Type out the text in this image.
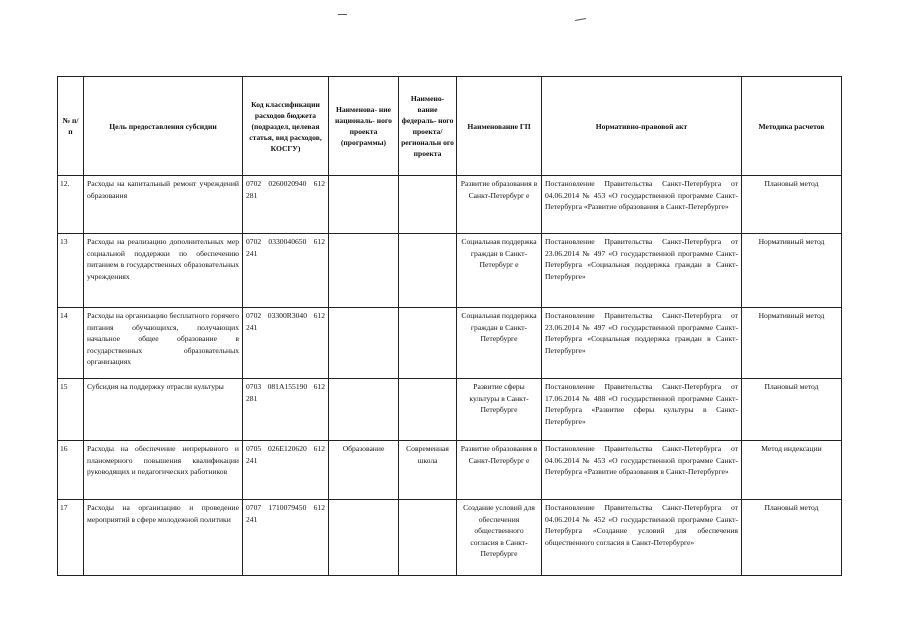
№ п/ п	Цель предоставления субсидии	Код классификации расходов бюджета (подраздел, целевая статья, вид расходов, КОСГУ)	Наименова- ние националь- ного проекта (программы)	Наимено- вание федераль- ного проекта/ региональн ого проекта	Наименование ГП	Нормативно-правовой акт	Методика расчетов
12.	Расходы на капитальный ремонт учреждений образования	0702 0260020940 612 281			Развитие образования в Санкт-Петербург е	Постановление Правительства Санкт-Петербурга от 04.06.2014 № 453 «О государственной программе Санкт-Петербурга «Развитие образования в Санкт-Петербурге»	Плановый метод
13	Расходы на реализацию дополнительных мер социальной поддержки по обеспечению питанием в государственных образовательных учреждениях	0702 0330040650 612 241			Социальная поддержка граждан в Санкт-Петербург е	Постановление Правительства Санкт-Петербурга от 23.06.2014 № 497 «О государственной программе Санкт-Петербурга «Социальная поддержка граждан в Санкт-Петербурге»	Нормативный метод
14	Расходы на организацию бесплатного горячего питания обучающихся, получающих начальное общее образование в государственных образовательных организациях	0702 03300R3040 612 241			Социальная поддержка граждан в Санкт-Петербурге	Постановление Правительства Санкт-Петербурга от 23.06.2014 № 497 «О государственной программе Санкт-Петербурга «Социальная поддержка граждан в Санкт-Петербурге»	Нормативный метод
15	Субсидия на поддержку отрасли культуры	0703 081А155190 612 281			Развитие сферы культуры в Санкт-Петербурге	Постановление Правительства Санкт-Петербурга от 17.06.2014 № 488 «О государственной программе Санкт-Петербурга «Развитие сферы культуры в Санкт-Петербурге»	Плановый метод
16	Расходы на обеспечение непрерывного и планомерного повышения квалификации руководящих и педагогических работников	0705 026Е120620 612 241	Образование	Современная школа	Развитие образования в Санкт-Петербург е	Постановление Правительства Санкт-Петербурга от 04.06.2014 № 453 «О государственной программе Санкт-Петербурга «Развитие образования в Санкт-Петербурге»	Метод индексации
17	Расходы на организацию и проведение мероприятий в сфере молодежной политики	0707 1710079450 612 241			Создание условий для обеспечения общественного согласия в Санкт-Петербурге	Постановление Правительства Санкт-Петербурга от 04.06.2014 № 452 «О государственной программе Санкт-Петербурга «Создание условий для обеспечения общественного согласия в Санкт-Петербурге»	Плановый метод
